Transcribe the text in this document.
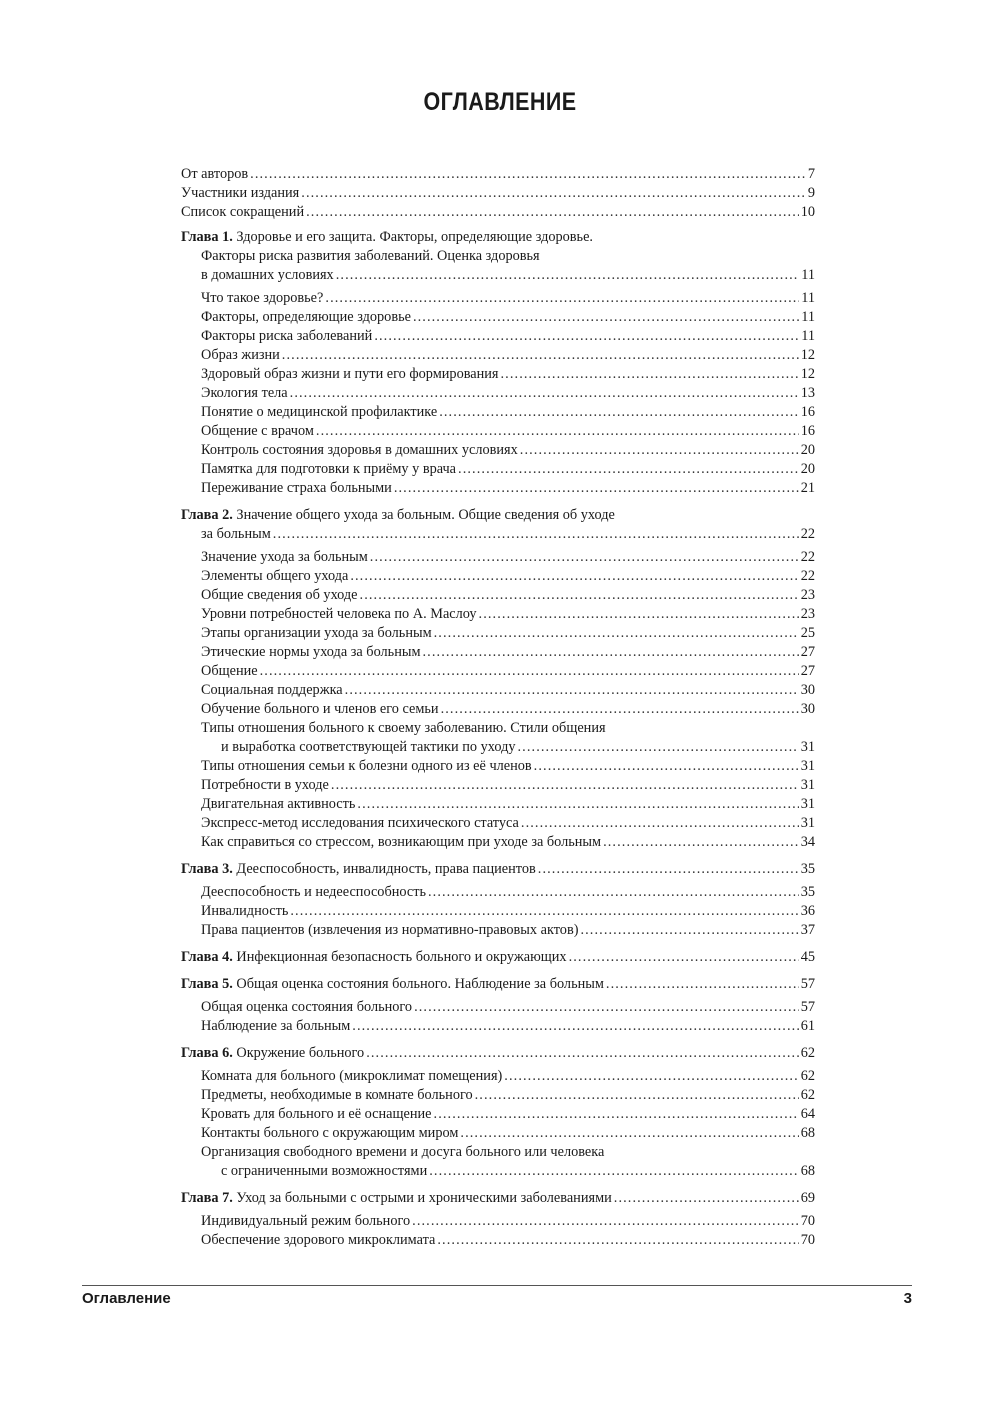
ОГЛАВЛЕНИЕ
От авторов .....	7
Участники издания .....	9
Список сокращений .....	10
Глава 1. Здоровье и его защита. Факторы, определяющие здоровье.
Факторы риска развития заболеваний. Оценка здоровья
в домашних условиях .....	11
Что такое здоровье? .....	11
Факторы, определяющие здоровье .....	11
Факторы риска заболеваний .....	11
Образ жизни .....	12
Здоровый образ жизни и пути его формирования .....	12
Экология тела .....	13
Понятие о медицинской профилактике .....	16
Общение с врачом .....	16
Контроль состояния здоровья в домашних условиях .....	20
Памятка для подготовки к приёму у врача .....	20
Переживание страха больными .....	21
Глава 2. Значение общего ухода за больным. Общие сведения об уходе
за больным .....	22
Значение ухода за больным .....	22
Элементы общего ухода .....	22
Общие сведения об уходе .....	23
Уровни потребностей человека по А. Маслоу .....	23
Этапы организации ухода за больным .....	25
Этические нормы ухода за больным .....	27
Общение .....	27
Социальная поддержка .....	30
Обучение больного и членов его семьи .....	30
Типы отношения больного к своему заболеванию. Стили общения
и выработка соответствующей тактики по уходу .....	31
Типы отношения семьи к болезни одного из её членов .....	31
Потребности в уходе .....	31
Двигательная активность .....	31
Экспресс-метод исследования психического статуса .....	31
Как справиться со стрессом, возникающим при уходе за больным .....	34
Глава 3. Дееспособность, инвалидность, права пациентов .....	35
Дееспособность и недееспособность .....	35
Инвалидность .....	36
Права пациентов (извлечения из нормативно-правовых актов) .....	37
Глава 4. Инфекционная безопасность больного и окружающих .....	45
Глава 5. Общая оценка состояния больного. Наблюдение за больным .....	57
Общая оценка состояния больного .....	57
Наблюдение за больным .....	61
Глава 6. Окружение больного .....	62
Комната для больного (микроклимат помещения) .....	62
Предметы, необходимые в комнате больного .....	62
Кровать для больного и её оснащение .....	64
Контакты больного с окружающим миром .....	68
Организация свободного времени и досуга больного или человека
с ограниченными возможностями .....	68
Глава 7. Уход за больными с острыми и хроническими заболеваниями .....	69
Индивидуальный режим больного .....	70
Обеспечение здорового микроклимата .....	70
Оглавление	3
